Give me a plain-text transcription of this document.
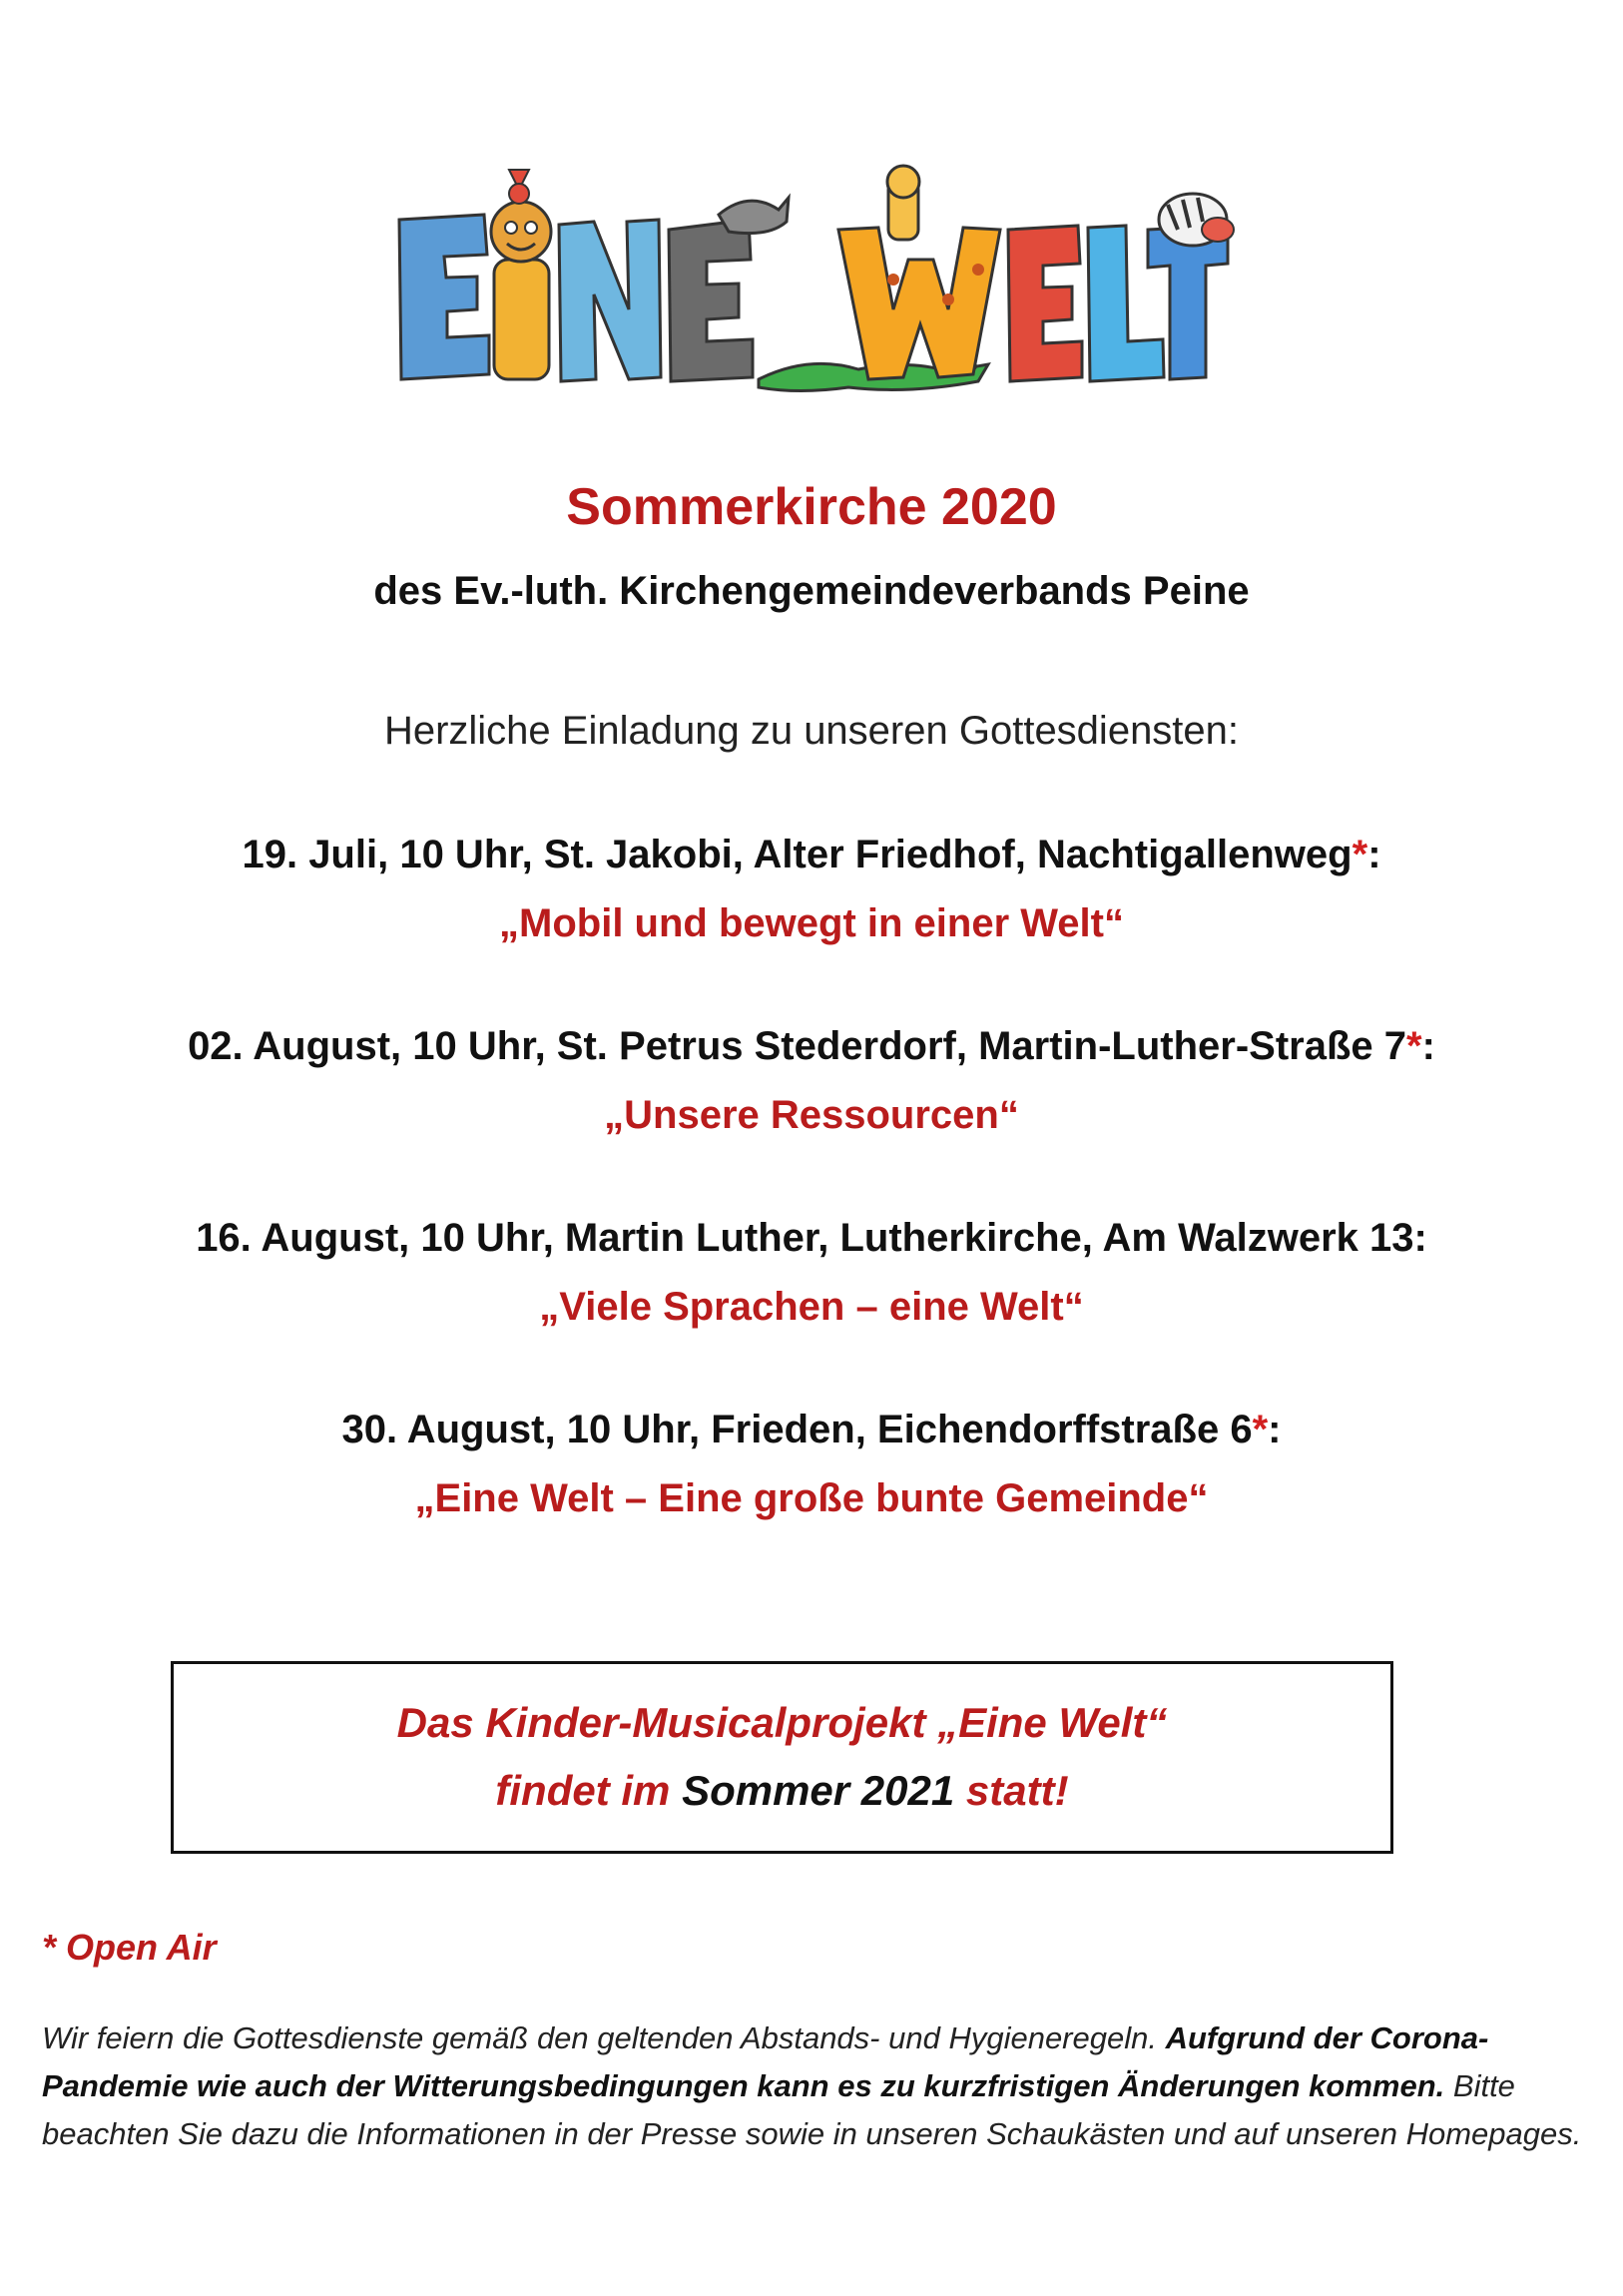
Sommerkirche 2020
des Ev.-luth. Kirchengemeindeverbands Peine
Herzliche Einladung zu unseren Gottesdiensten:
19. Juli, 10 Uhr, St. Jakobi, Alter Friedhof, Nachtigallenweg*:
„Mobil und bewegt in einer Welt“
02. August, 10 Uhr, St. Petrus Stederdorf, Martin-Luther-Straße 7*:
„Unsere Ressourcen“
16. August, 10 Uhr, Martin Luther, Lutherkirche, Am Walzwerk 13:
„Viele Sprachen – eine Welt“
30. August, 10 Uhr, Frieden, Eichendorffstraße 6*:
„Eine Welt – Eine große bunte Gemeinde“
Das Kinder-Musicalprojekt „Eine Welt“
findet im Sommer 2021 statt!
* Open Air
Wir feiern die Gottesdienste gemäß den geltenden Abstands- und Hygieneregeln. Aufgrund der Corona-Pandemie wie auch der Witterungsbedingungen kann es zu kurzfristigen Änderungen kommen. Bitte beachten Sie dazu die Informationen in der Presse sowie in unseren Schaukästen und auf unseren Homepages.
